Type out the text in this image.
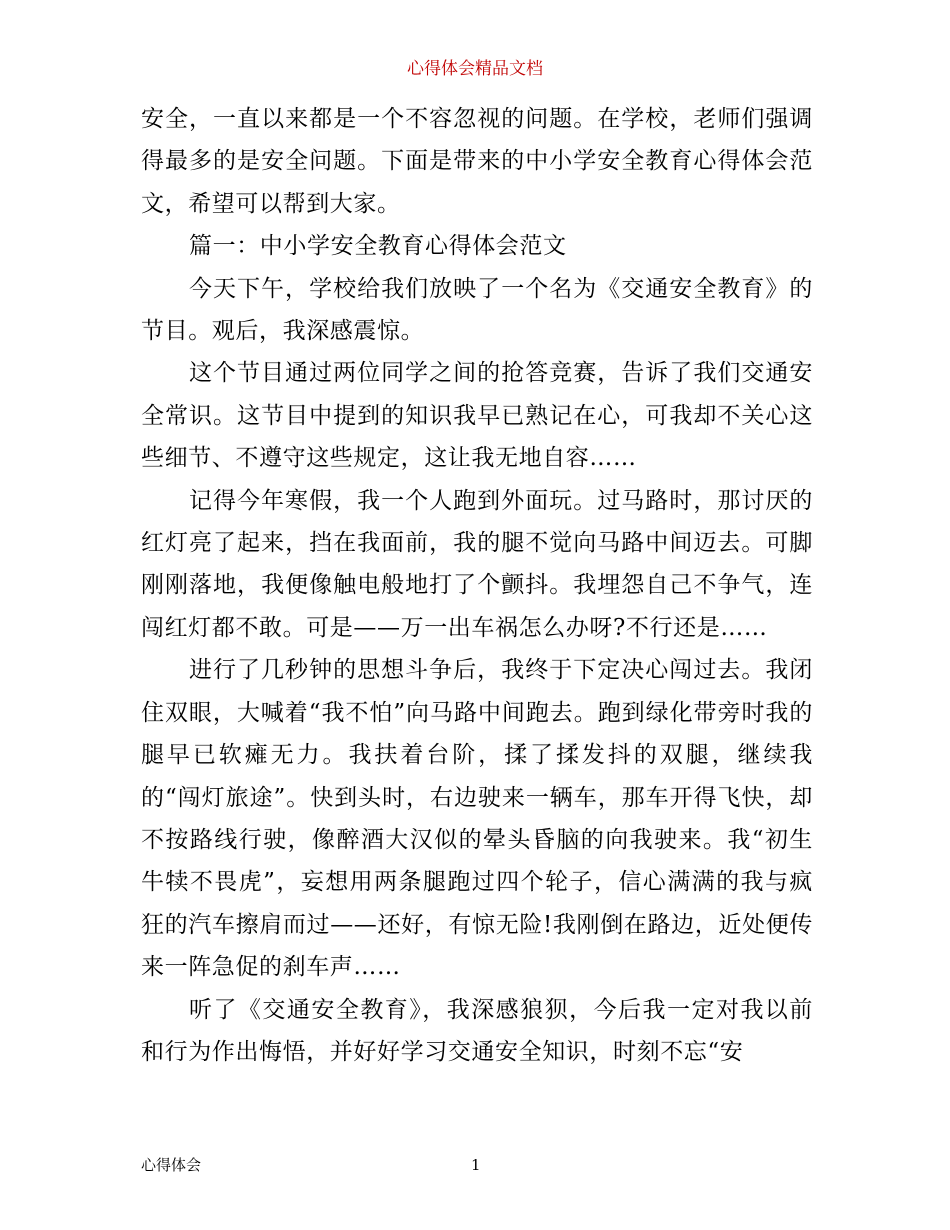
心得体会精品文档

安全，一直以来都是一个不容忽视的问题。在学校，老师们强调得最多的是安全问题。下面是带来的中小学安全教育心得体会范文，希望可以帮到大家。

篇一：中小学安全教育心得体会范文

今天下午，学校给我们放映了一个名为《交通安全教育》的节目。观后，我深感震惊。

这个节目通过两位同学之间的抢答竞赛，告诉了我们交通安全常识。这节目中提到的知识我早已熟记在心，可我却不关心这些细节、不遵守这些规定，这让我无地自容……

记得今年寒假，我一个人跑到外面玩。过马路时，那讨厌的红灯亮了起来，挡在我面前，我的腿不觉向马路中间迈去。可脚刚刚落地，我便像触电般地打了个颤抖。我埋怨自己不争气，连闯红灯都不敢。可是——万一出车祸怎么办呀?不行还是……

进行了几秒钟的思想斗争后，我终于下定决心闯过去。我闭住双眼，大喊着“我不怕”向马路中间跑去。跑到绿化带旁时我的腿早已软瘫无力。我扶着台阶，揉了揉发抖的双腿，继续我的“闯灯旅途”。快到头时，右边驶来一辆车，那车开得飞快，却不按路线行驶，像醉酒大汉似的晕头昏脑的向我驶来。我“初生牛犊不畏虎”，妄想用两条腿跑过四个轮子，信心满满的我与疯狂的汽车擦肩而过——还好，有惊无险!我刚倒在路边，近处便传来一阵急促的刹车声……

听了《交通安全教育》，我深感狼狈，今后我一定对我以前和行为作出悔悟，并好好学习交通安全知识，时刻不忘“安

心得体会	1
